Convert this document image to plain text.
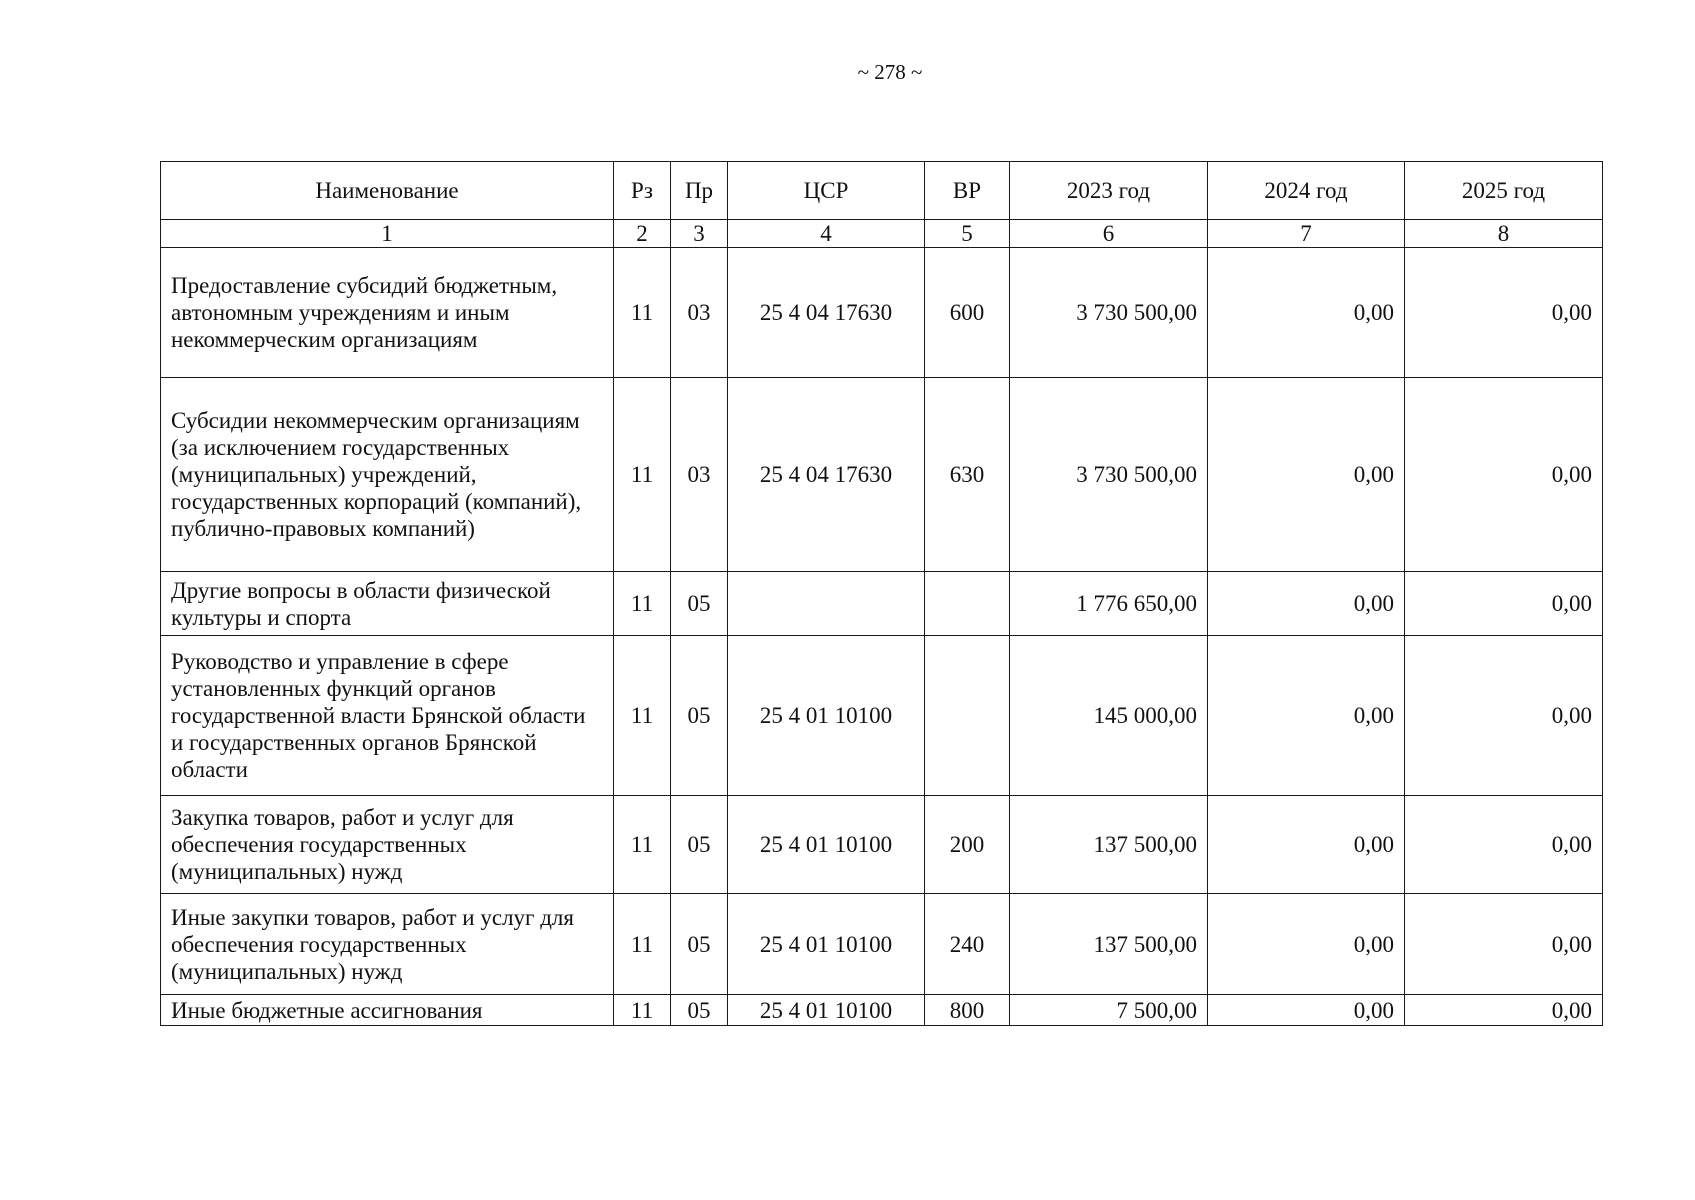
~ 278 ~
Наименование	Рз	Пр	ЦСР	ВР	2023 год	2024 год	2025 год
1	2	3	4	5	6	7	8
Предоставление субсидий бюджетным, автономным учреждениям и иным некоммерческим организациям	11	03	25 4 04 17630	600	3 730 500,00	0,00	0,00
Субсидии некоммерческим организациям (за исключением государственных (муниципальных) учреждений, государственных корпораций (компаний), публично-правовых компаний)	11	03	25 4 04 17630	630	3 730 500,00	0,00	0,00
Другие вопросы в области физической культуры и спорта	11	05			1 776 650,00	0,00	0,00
Руководство и управление в сфере установленных функций органов государственной власти Брянской области и государственных органов Брянской области	11	05	25 4 01 10100		145 000,00	0,00	0,00
Закупка товаров, работ и услуг для обеспечения государственных (муниципальных) нужд	11	05	25 4 01 10100	200	137 500,00	0,00	0,00
Иные закупки товаров, работ и услуг для обеспечения государственных (муниципальных) нужд	11	05	25 4 01 10100	240	137 500,00	0,00	0,00
Иные бюджетные ассигнования	11	05	25 4 01 10100	800	7 500,00	0,00	0,00
